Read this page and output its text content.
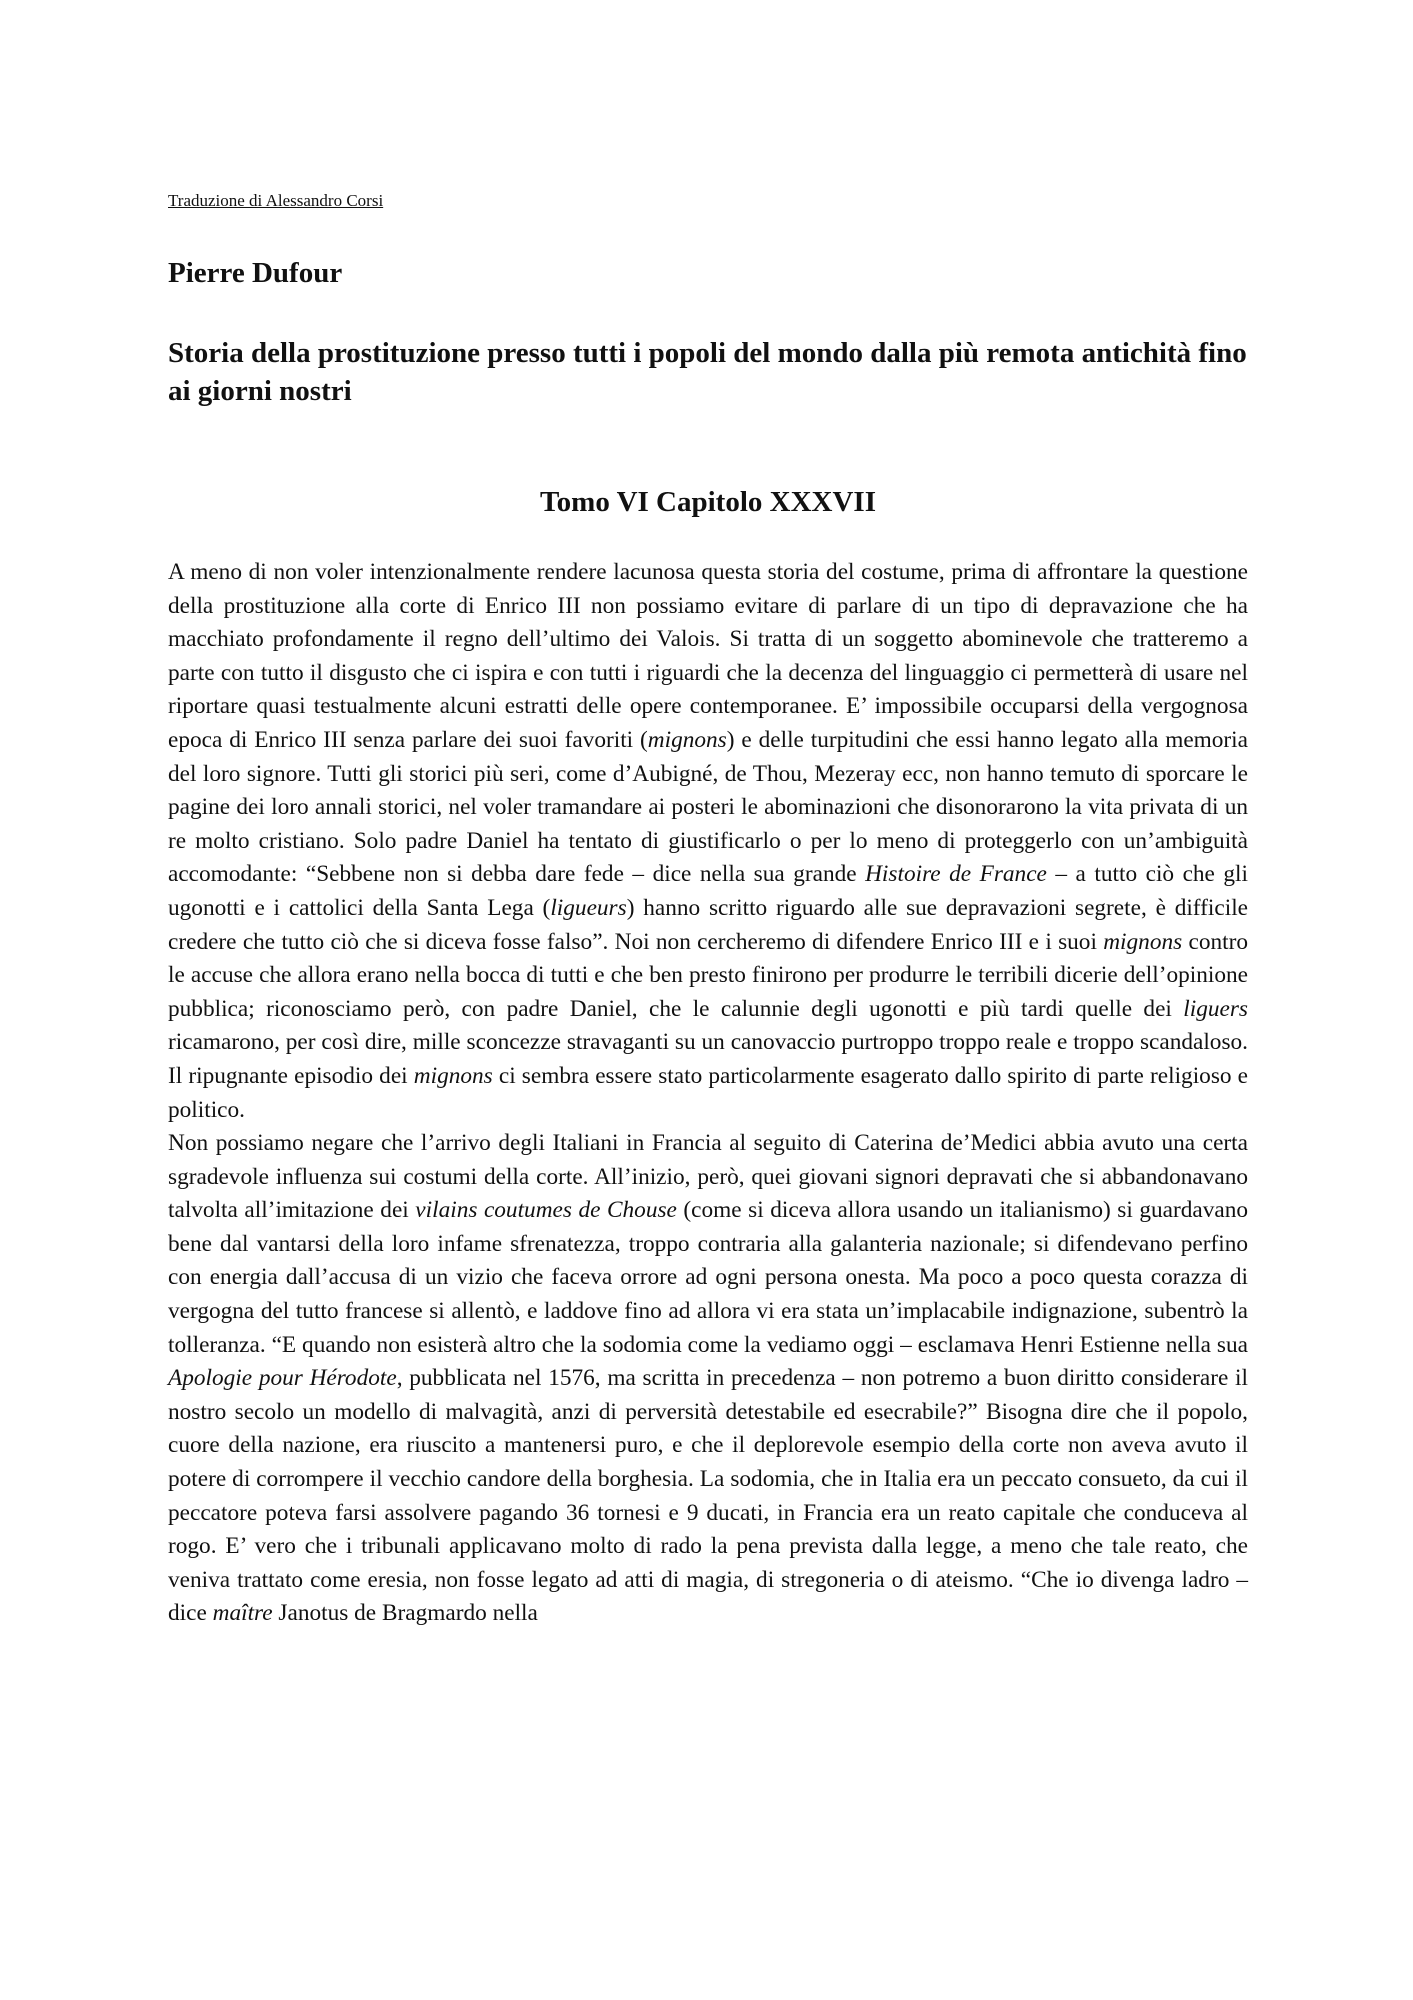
Traduzione di Alessandro Corsi
Pierre Dufour
Storia della prostituzione presso tutti i popoli del mondo dalla più remota antichità fino ai giorni nostri
Tomo VI Capitolo XXXVII

A meno di non voler intenzionalmente rendere lacunosa questa storia del costume, prima di affrontare la questione della prostituzione alla corte di Enrico III non possiamo evitare di parlare di un tipo di depravazione che ha macchiato profondamente il regno dell’ultimo dei Valois. Si tratta di un soggetto abominevole che tratteremo a parte con tutto il disgusto che ci ispira e con tutti i riguardi che la decenza del linguaggio ci permetterà di usare nel riportare quasi testualmente alcuni estratti delle opere contemporanee. E’ impossibile occuparsi della vergognosa epoca di Enrico III senza parlare dei suoi favoriti (mignons) e delle turpitudini che essi hanno legato alla memoria del loro signore. Tutti gli storici più seri, come d’Aubigné, de Thou, Mezeray ecc, non hanno temuto di sporcare le pagine dei loro annali storici, nel voler tramandare ai posteri le abominazioni che disonorarono la vita privata di un re molto cristiano. Solo padre Daniel ha tentato di giustificarlo o per lo meno di proteggerlo con un’ambiguità accomodante: “Sebbene non si debba dare fede – dice nella sua grande Histoire de France – a tutto ciò che gli ugonotti e i cattolici della Santa Lega (ligueurs) hanno scritto riguardo alle sue depravazioni segrete, è difficile credere che tutto ciò che si diceva fosse falso”. Noi non cercheremo di difendere Enrico III e i suoi mignons contro le accuse che allora erano nella bocca di tutti e che ben presto finirono per produrre le terribili dicerie dell’opinione pubblica; riconosciamo però, con padre Daniel, che le calunnie degli ugonotti e più tardi quelle dei liguers ricamarono, per così dire, mille sconcezze stravaganti su un canovaccio purtroppo troppo reale e troppo scandaloso. Il ripugnante episodio dei mignons ci sembra essere stato particolarmente esagerato dallo spirito di parte religioso e politico.

Non possiamo negare che l’arrivo degli Italiani in Francia al seguito di Caterina de’Medici abbia avuto una certa sgradevole influenza sui costumi della corte. All’inizio, però, quei giovani signori depravati che si abbandonavano talvolta all’imitazione dei vilains coutumes de Chouse (come si diceva allora usando un italianismo) si guardavano bene dal vantarsi della loro infame sfrenatezza, troppo contraria alla galanteria nazionale; si difendevano perfino con energia dall’accusa di un vizio che faceva orrore ad ogni persona onesta. Ma poco a poco questa corazza di vergogna del tutto francese si allentò, e laddove fino ad allora vi era stata un’implacabile indignazione, subentrò la tolleranza. “E quando non esisterà altro che la sodomia come la vediamo oggi – esclamava Henri Estienne nella sua Apologie pour Hérodote, pubblicata nel 1576, ma scritta in precedenza – non potremo a buon diritto considerare il nostro secolo un modello di malvagità, anzi di perversità detestabile ed esecrabile?” Bisogna dire che il popolo, cuore della nazione, era riuscito a mantenersi puro, e che il deplorevole esempio della corte non aveva avuto il potere di corrompere il vecchio candore della borghesia. La sodomia, che in Italia era un peccato consueto, da cui il peccatore poteva farsi assolvere pagando 36 tornesi e 9 ducati, in Francia era un reato capitale che conduceva al rogo. E’ vero che i tribunali applicavano molto di rado la pena prevista dalla legge, a meno che tale reato, che veniva trattato come eresia, non fosse legato ad atti di magia, di stregoneria o di ateismo. “Che io divenga ladro – dice maître Janotus de Bragmardo nella
